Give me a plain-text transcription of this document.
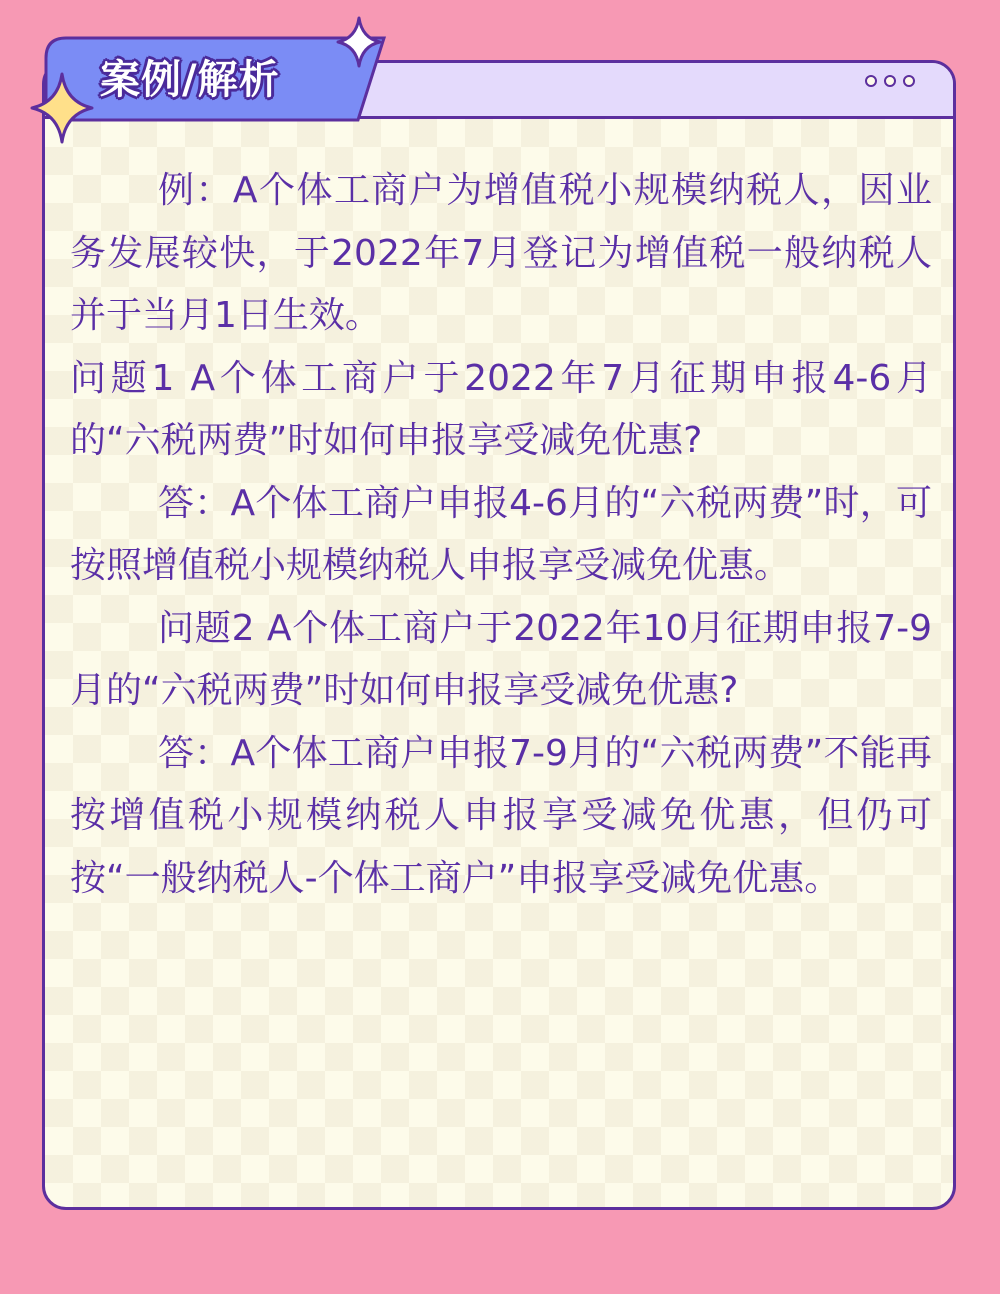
案例/解析

例：A个体工商户为增值税小规模纳税人，因业务发展较快，于2022年7月登记为增值税一般纳税人并于当月1日生效。

问题1 A个体工商户于2022年7月征期申报4-6月的“六税两费”时如何申报享受减免优惠?

答：A个体工商户申报4-6月的“六税两费”时，可按照增值税小规模纳税人申报享受减免优惠。

问题2 A个体工商户于2022年10月征期申报7-9月的“六税两费”时如何申报享受减免优惠?

答：A个体工商户申报7-9月的“六税两费”不能再按增值税小规模纳税人申报享受减免优惠，但仍可按“一般纳税人-个体工商户”申报享受减免优惠。
